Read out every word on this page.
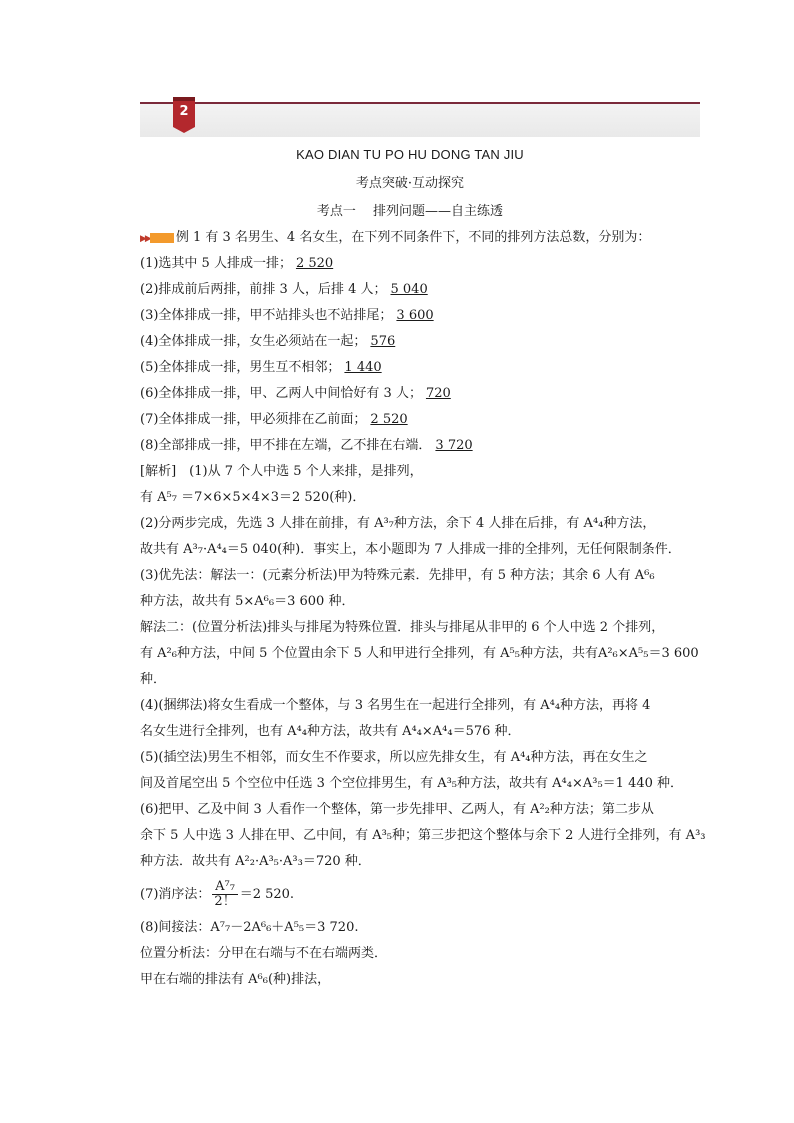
2
KAO DIAN TU PO HU DONG TAN JIU
考点突破·互动探究
考点一　 排列问题——自主练透
▶▶ 例 1 有 3 名男生、4 名女生，在下列不同条件下，不同的排列方法总数，分别为：
(1)选其中 5 人排成一排； 2 520
(2)排成前后两排，前排 3 人，后排 4 人； 5 040
(3)全体排成一排，甲不站排头也不站排尾； 3 600
(4)全体排成一排，女生必须站在一起； 576
(5)全体排成一排，男生互不相邻； 1 440
(6)全体排成一排，甲、乙两人中间恰好有 3 人； 720
(7)全体排成一排，甲必须排在乙前面； 2 520
(8)全部排成一排，甲不排在左端，乙不排在右端． 3 720
[解析]　 (1)从 7 个人中选 5 个人来排，是排列，
有 A⁵₇ ＝7×6×5×4×3＝2 520(种)．
(2)分两步完成，先选 3 人排在前排，有 A³₇种方法，余下 4 人排在后排，有 A⁴₄种方法，
故共有 A³₇·A⁴₄＝5 040(种)．事实上，本小题即为 7 人排成一排的全排列，无任何限制条件．
(3)优先法：解法一：(元素分析法)甲为特殊元素．先排甲，有 5 种方法；其余 6 人有 A⁶₆
种方法，故共有 5×A⁶₆＝3 600 种．
解法二：(位置分析法)排头与排尾为特殊位置．排头与排尾从非甲的 6 个人中选 2 个排列，
有 A²₆种方法，中间 5 个位置由余下 5 人和甲进行全排列，有 A⁵₅种方法，共有A²₆×A⁵₅＝3 600
种．
(4)(捆绑法)将女生看成一个整体，与 3 名男生在一起进行全排列，有 A⁴₄种方法，再将 4
名女生进行全排列，也有 A⁴₄种方法，故共有 A⁴₄×A⁴₄＝576 种．
(5)(插空法)男生不相邻，而女生不作要求，所以应先排女生，有 A⁴₄种方法，再在女生之
间及首尾空出 5 个空位中任选 3 个空位排男生，有 A³₅种方法，故共有 A⁴₄×A³₅＝1 440 种．
(6)把甲、乙及中间 3 人看作一个整体，第一步先排甲、乙两人，有 A²₂种方法；第二步从
余下 5 人中选 3 人排在甲、乙中间，有 A³₅种；第三步把这个整体与余下 2 人进行全排列，有 A³₃
种方法．故共有 A²₂·A³₅·A³₃＝720 种．
(7)消序法： $\frac{\text{A⁷₇}}{2!} =2$ 520.
(8)间接法：A⁷₇－2A⁶₆＋A⁵₅＝3 720.
位置分析法：分甲在右端与不在右端两类．
甲在右端的排法有 A⁶₆(种)排法，
